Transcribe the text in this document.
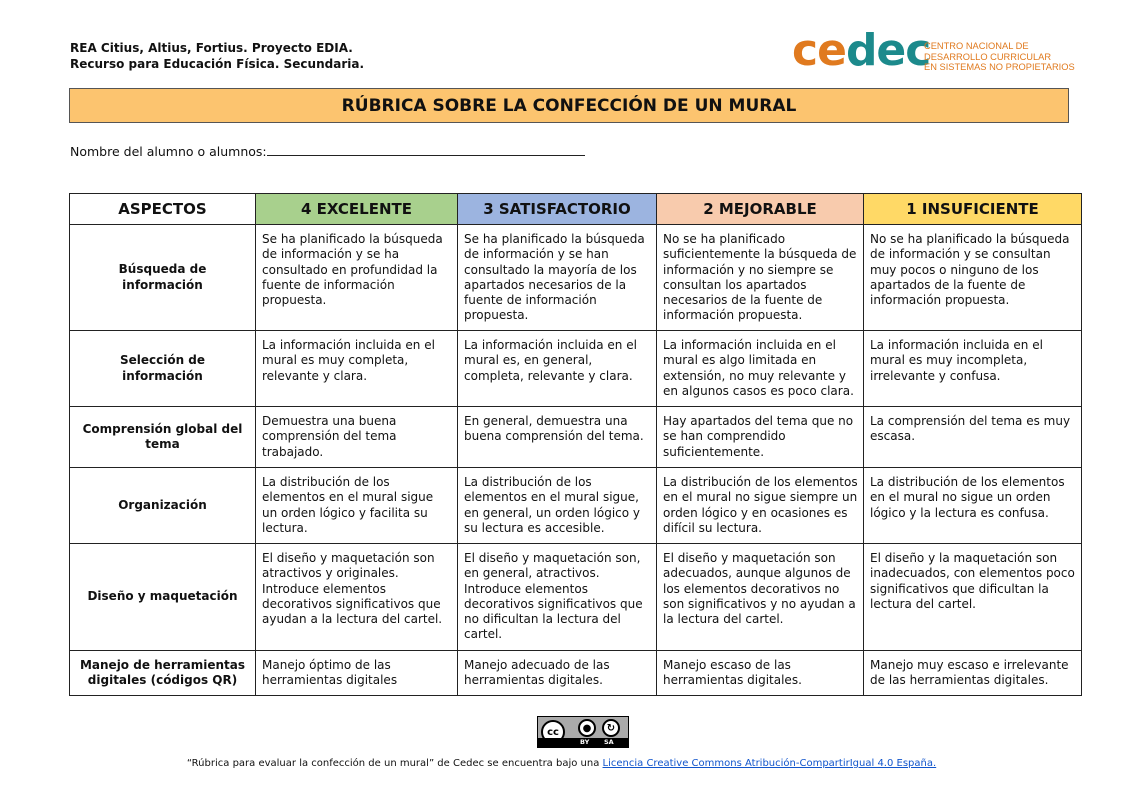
REA Citius, Altius, Fortius. Proyecto EDIA.
Recurso para Educación Física. Secundaria.	cedec
CENTRO NACIONAL DE
DESARROLLO CURRICULAR
EN SISTEMAS NO PROPIETARIOS
RÚBRICA SOBRE LA CONFECCIÓN DE UN MURAL
Nombre del alumno o alumnos:
ASPECTOS	4 EXCELENTE	3 SATISFACTORIO	2 MEJORABLE	1 INSUFICIENTE
Búsqueda de información	Se ha planificado la búsqueda de información y se ha consultado en profundidad la fuente de información propuesta.	Se ha planificado la búsqueda de información y se han consultado la mayoría de los apartados necesarios de la fuente de información propuesta.	No se ha planificado suficientemente la búsqueda de información y no siempre se consultan los apartados necesarios de la fuente de información propuesta.	No se ha planificado la búsqueda de información y se consultan muy pocos o ninguno de los apartados de la fuente de información propuesta.
Selección de información	La información incluida en el mural es muy completa, relevante y clara.	La información incluida en el mural es, en general, completa, relevante y clara.	La información incluida en el mural es algo limitada en extensión, no muy relevante y en algunos casos es poco clara.	La información incluida en el mural es muy incompleta, irrelevante y confusa.
Comprensión global del tema	Demuestra una buena comprensión del tema trabajado.	En general, demuestra una buena comprensión del tema.	Hay apartados del tema que no se han comprendido suficientemente.	La comprensión del tema es muy escasa.
Organización	La distribución de los elementos en el mural sigue un orden lógico y facilita su lectura.	La distribución de los elementos en el mural sigue, en general, un orden lógico y su lectura es accesible.	La distribución de los elementos en el mural no sigue siempre un orden lógico y en ocasiones es difícil su lectura.	La distribución de los elementos en el mural no sigue un orden lógico y la lectura es confusa.
Diseño y maquetación	El diseño y maquetación son atractivos y originales. Introduce elementos decorativos significativos que ayudan a la lectura del cartel.	El diseño y maquetación son, en general, atractivos. Introduce elementos decorativos significativos que no dificultan la lectura del cartel.	El diseño y maquetación son adecuados, aunque algunos de los elementos decorativos no son significativos y no ayudan a la lectura del cartel.	El diseño y la maquetación son inadecuados, con elementos poco significativos que dificultan la lectura del cartel.
Manejo de herramientas digitales (códigos QR)	Manejo óptimo de las herramientas digitales	Manejo adecuado de las herramientas digitales.	Manejo escaso de las herramientas digitales.	Manejo muy escaso e irrelevante de las herramientas digitales.
cc	●	↻
BY SA
“Rúbrica para evaluar la confección de un mural” de Cedec se encuentra bajo una Licencia Creative Commons Atribución-CompartirIgual 4.0 España.
